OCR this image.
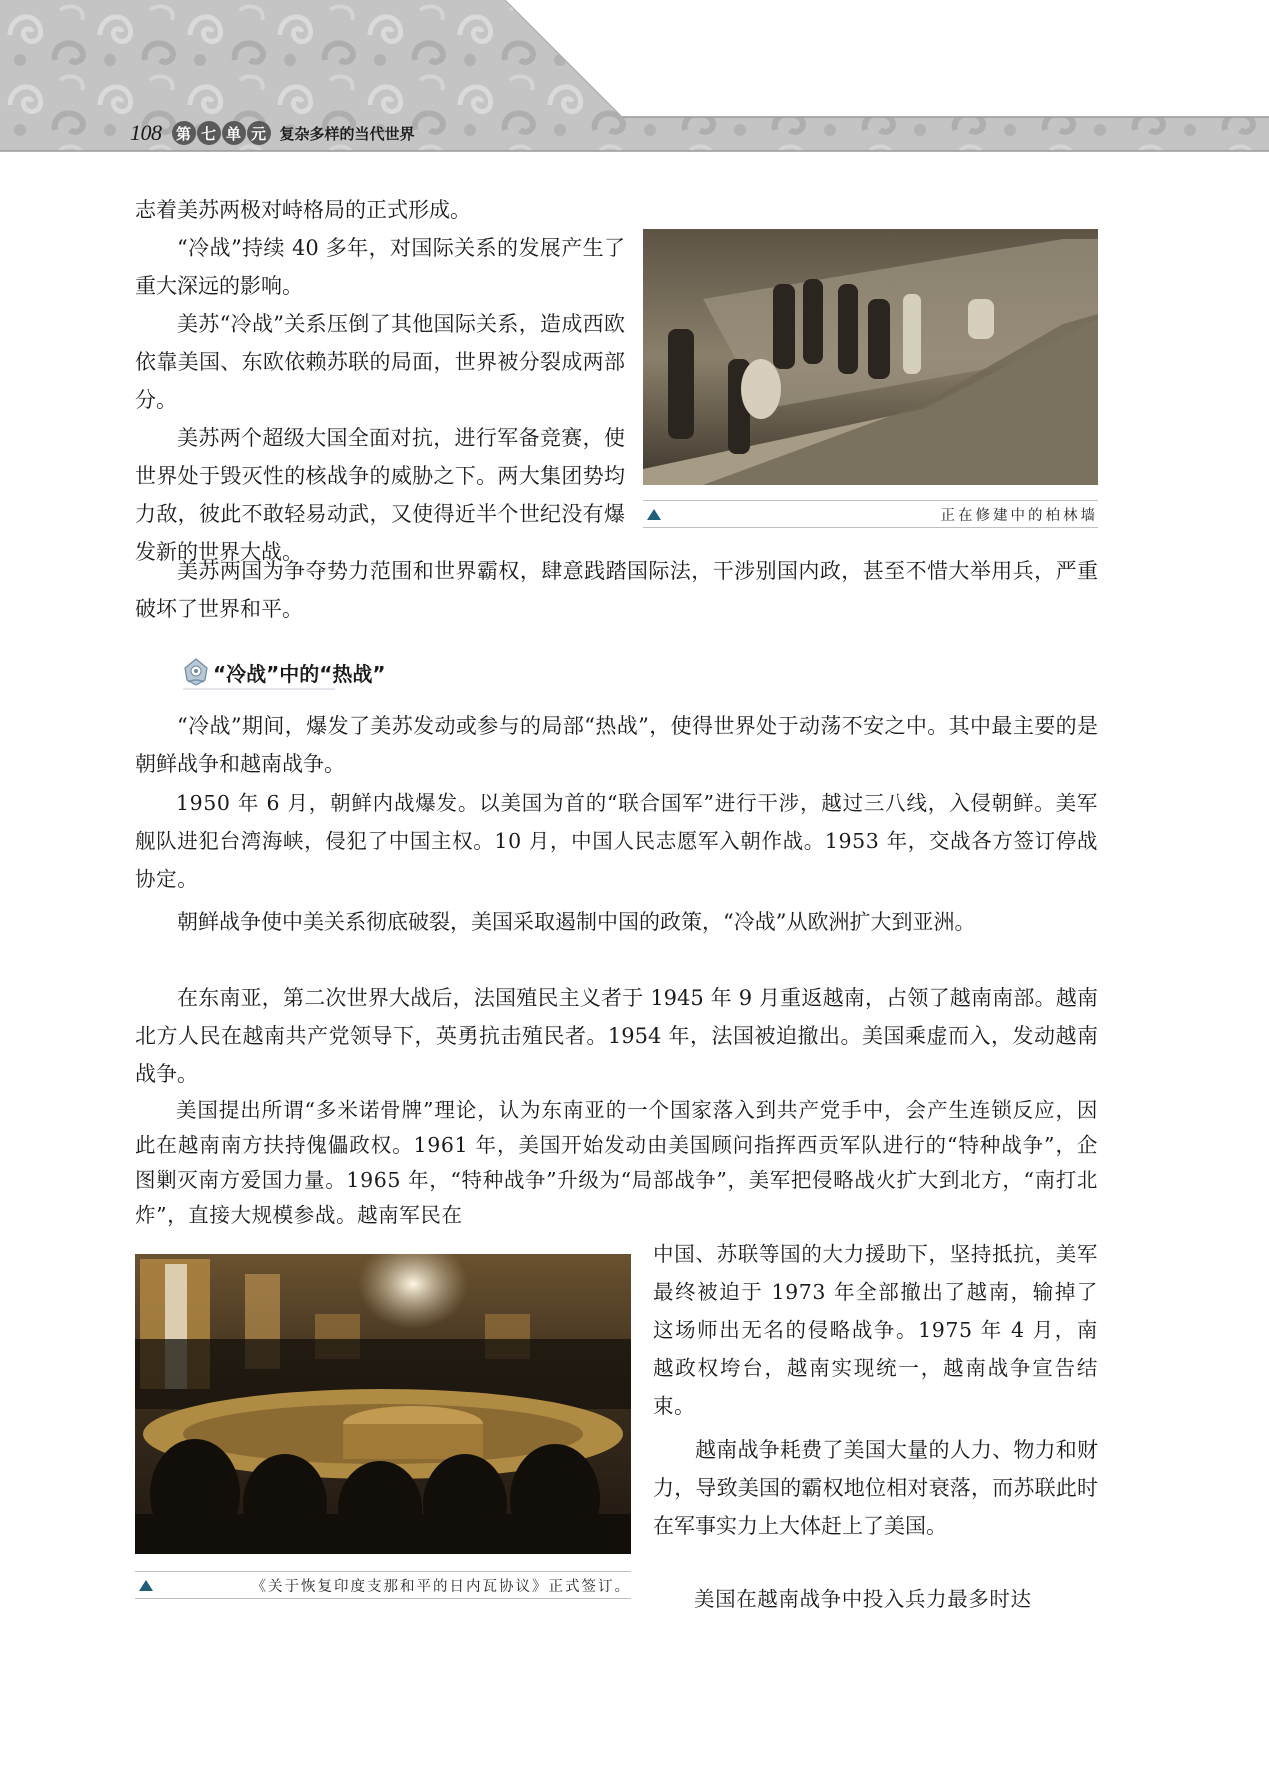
108 第 七 单 元 复杂多样的当代世界

志着美苏两极对峙格局的正式形成。

“冷战”持续 40 多年，对国际关系的发展产生了重大深远的影响。

美苏“冷战”关系压倒了其他国际关系，造成西欧依靠美国、东欧依赖苏联的局面，世界被分裂成两部分。

美苏两个超级大国全面对抗，进行军备竞赛，使世界处于毁灭性的核战争的威胁之下。两大集团势均力敌，彼此不敢轻易动武，又使得近半个世纪没有爆发新的世界大战。

美苏两国为争夺势力范围和世界霸权，肆意践踏国际法，干涉别国内政，甚至不惜大举用兵，严重破坏了世界和平。

正在修建中的柏林墙
“冷战”中的“热战”

“冷战”期间，爆发了美苏发动或参与的局部“热战”，使得世界处于动荡不安之中。其中最主要的是朝鲜战争和越南战争。

1950 年 6 月，朝鲜内战爆发。以美国为首的“联合国军”进行干涉，越过三八线，入侵朝鲜。美军舰队进犯台湾海峡，侵犯了中国主权。10 月，中国人民志愿军入朝作战。1953 年，交战各方签订停战协定。

朝鲜战争使中美关系彻底破裂，美国采取遏制中国的政策，“冷战”从欧洲扩大到亚洲。

在东南亚，第二次世界大战后，法国殖民主义者于 1945 年 9 月重返越南，占领了越南南部。越南北方人民在越南共产党领导下，英勇抗击殖民者。1954 年，法国被迫撤出。美国乘虚而入，发动越南战争。

美国提出所谓“多米诺骨牌”理论，认为东南亚的一个国家落入到共产党手中，会产生连锁反应，因此在越南南方扶持傀儡政权。1961 年，美国开始发动由美国顾问指挥西贡军队进行的“特种战争”，企图剿灭南方爱国力量。1965 年，“特种战争”升级为“局部战争”，美军把侵略战火扩大到北方，“南打北炸”，直接大规模参战。越南军民在

《关于恢复印度支那和平的日内瓦协议》正式签订。

中国、苏联等国的大力援助下，坚持抵抗，美军最终被迫于 1973 年全部撤出了越南，输掉了这场师出无名的侵略战争。1975 年 4 月，南越政权垮台，越南实现统一，越南战争宣告结束。

越南战争耗费了美国大量的人力、物力和财力，导致美国的霸权地位相对衰落，而苏联此时在军事实力上大体赶上了美国。

美国在越南战争中投入兵力最多时达
